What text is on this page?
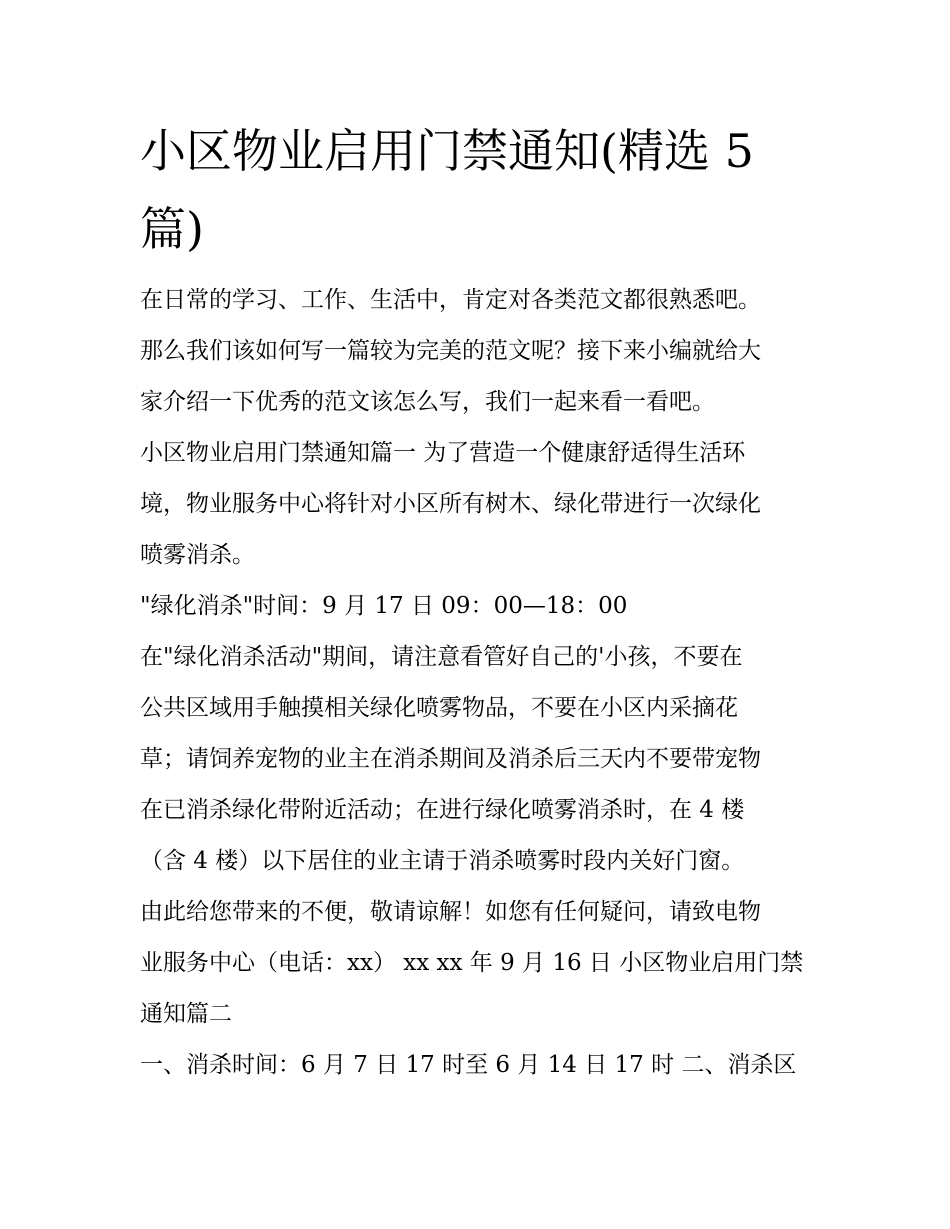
小区物业启用门禁通知(精选 5
篇)
在日常的学习、工作、生活中，肯定对各类范文都很熟悉吧。
那么我们该如何写一篇较为完美的范文呢？接下来小编就给大
家介绍一下优秀的范文该怎么写，我们一起来看一看吧。
小区物业启用门禁通知篇一 为了营造一个健康舒适得生活环
境，物业服务中心将针对小区所有树木、绿化带进行一次绿化
喷雾消杀。
"绿化消杀"时间：9 月 17 日 09：00—18：00
在"绿化消杀活动"期间，请注意看管好自己的'小孩，不要在
公共区域用手触摸相关绿化喷雾物品，不要在小区内采摘花
草；请饲养宠物的业主在消杀期间及消杀后三天内不要带宠物
在已消杀绿化带附近活动；在进行绿化喷雾消杀时，在 4 楼
（含 4 楼）以下居住的业主请于消杀喷雾时段内关好门窗。
由此给您带来的不便，敬请谅解！如您有任何疑问，请致电物
业服务中心（电话：xx） xx xx 年 9 月 16 日 小区物业启用门禁
通知篇二
一、消杀时间：6 月 7 日 17 时至 6 月 14 日 17 时 二、消杀区
